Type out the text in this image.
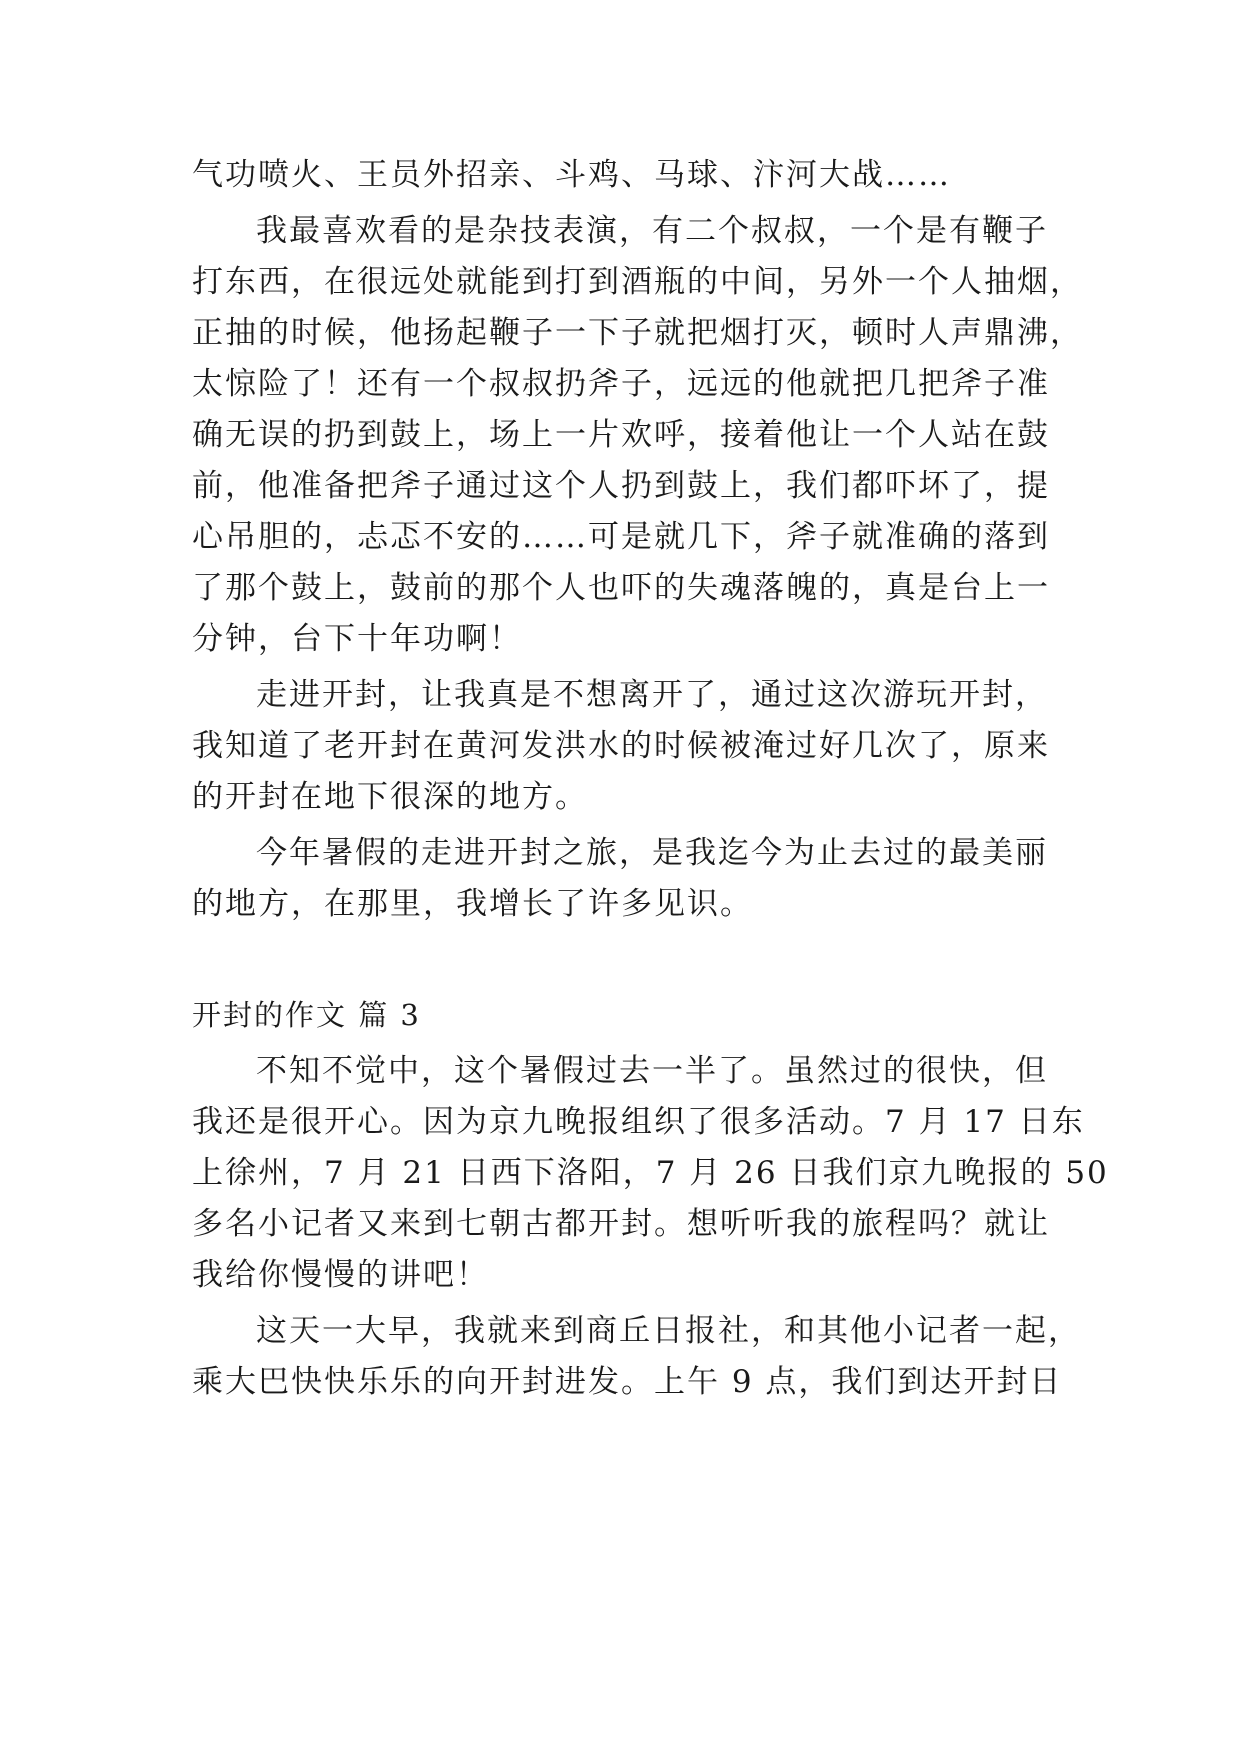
气功喷火、王员外招亲、斗鸡、马球、汴河大战……
我最喜欢看的是杂技表演，有二个叔叔，一个是有鞭子
打东西，在很远处就能到打到酒瓶的中间，另外一个人抽烟，
正抽的时候，他扬起鞭子一下子就把烟打灭，顿时人声鼎沸，
太惊险了！还有一个叔叔扔斧子，远远的他就把几把斧子准
确无误的扔到鼓上，场上一片欢呼，接着他让一个人站在鼓
前，他准备把斧子通过这个人扔到鼓上，我们都吓坏了，提
心吊胆的，忐忑不安的……可是就几下，斧子就准确的落到
了那个鼓上，鼓前的那个人也吓的失魂落魄的，真是台上一
分钟，台下十年功啊！
走进开封，让我真是不想离开了，通过这次游玩开封，
我知道了老开封在黄河发洪水的时候被淹过好几次了，原来
的开封在地下很深的地方。
今年暑假的走进开封之旅，是我迄今为止去过的最美丽
的地方，在那里，我增长了许多见识。
开封的作文 篇 3
不知不觉中，这个暑假过去一半了。虽然过的很快，但
我还是很开心。因为京九晚报组织了很多活动。7 月 17 日东
上徐州，7 月 21 日西下洛阳，7 月 26 日我们京九晚报的 50
多名小记者又来到七朝古都开封。想听听我的旅程吗？就让
我给你慢慢的讲吧！
这天一大早，我就来到商丘日报社，和其他小记者一起，
乘大巴快快乐乐的向开封进发。上午 9 点，我们到达开封日
